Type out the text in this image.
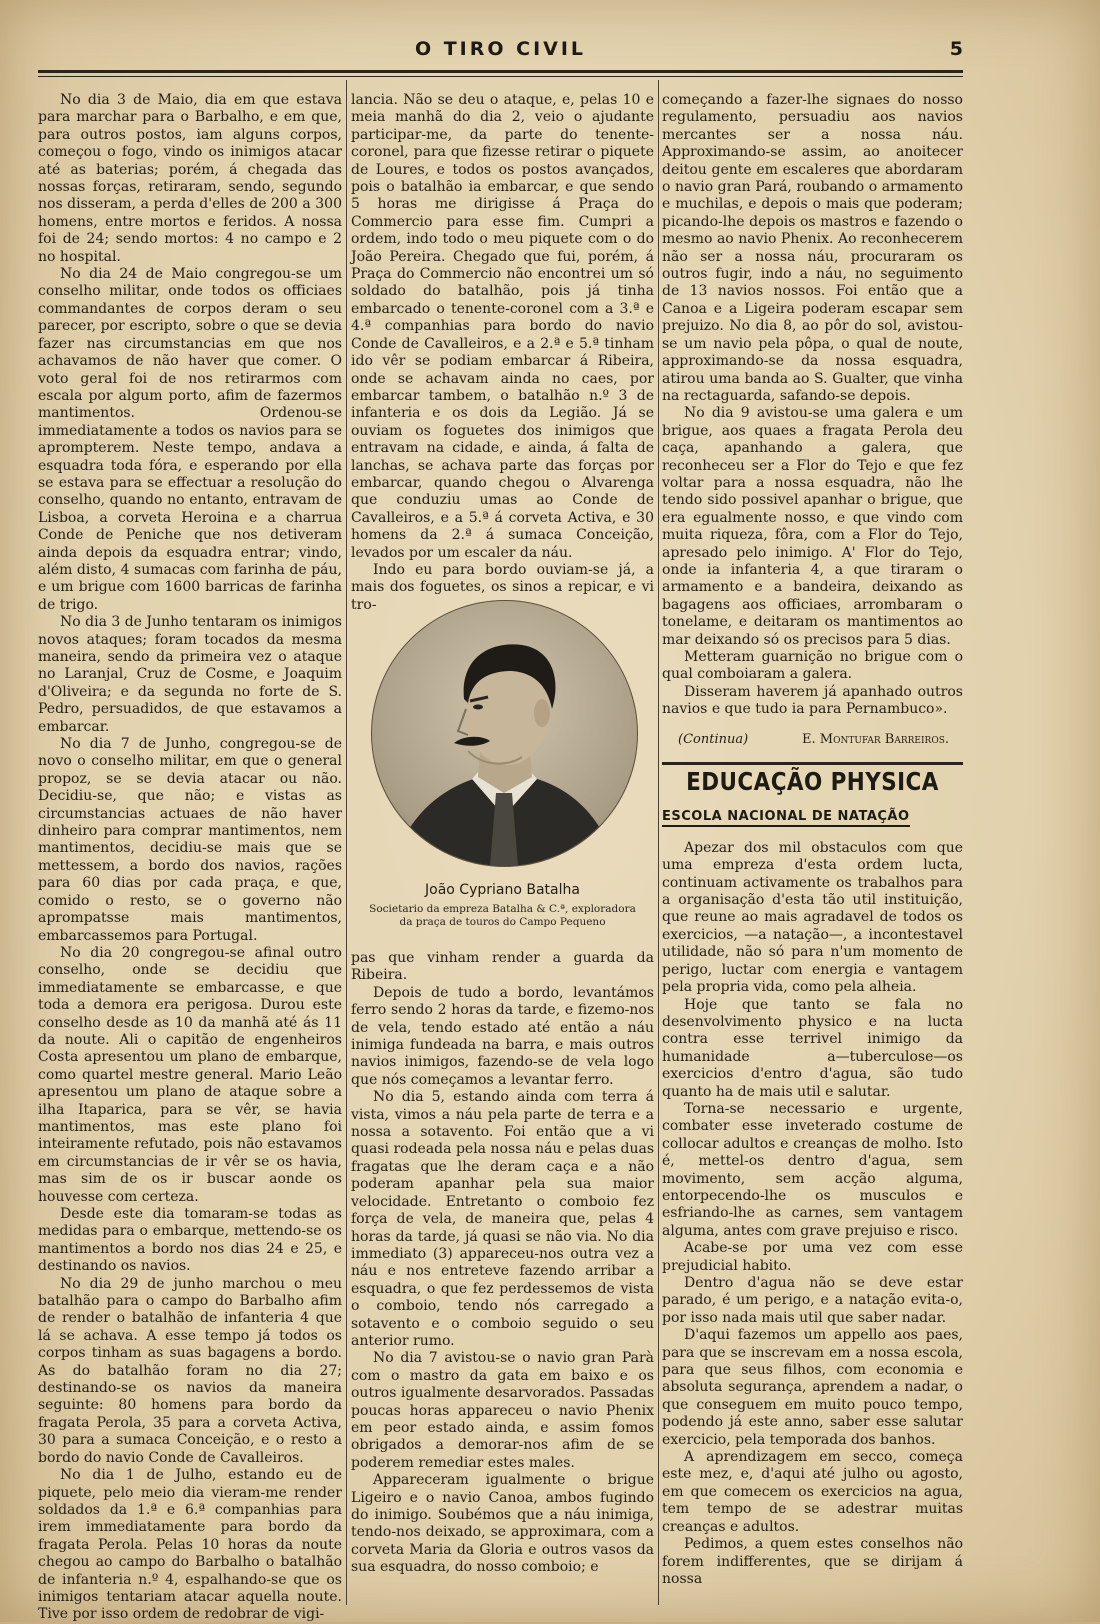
O TIRO CIVIL	5

No dia 3 de Maio, dia em que estava para marchar para o Barbalho, e em que, para outros postos, iam alguns corpos, começou o fogo, vindo os inimigos atacar até as baterias; porém, á chegada das nossas forças, retiraram, sendo, segundo nos disseram, a perda d'elles de 200 a 300 homens, entre mortos e feridos. A nossa foi de 24; sendo mortos: 4 no campo e 2 no hospital.

No dia 24 de Maio congregou-se um conselho militar, onde todos os officiaes commandantes de corpos deram o seu parecer, por escripto, sobre o que se devia fazer nas circumstancias em que nos achavamos de não haver que comer. O voto geral foi de nos retirarmos com escala por algum porto, afim de fazermos mantimentos. Ordenou-se immediatamente a todos os navios para se aprompterem. Neste tempo, andava a esquadra toda fóra, e esperando por ella se estava para se effectuar a resolução do conselho, quando no entanto, entravam de Lisboa, a corveta Heroina e a charrua Conde de Peniche que nos detiveram ainda depois da esquadra entrar; vindo, além disto, 4 sumacas com farinha de páu, e um brigue com 1600 barricas de farinha de trigo.

No dia 3 de Junho tentaram os inimigos novos ataques; foram tocados da mesma maneira, sendo da primeira vez o ataque no Laranjal, Cruz de Cosme, e Joaquim d'Oliveira; e da segunda no forte de S. Pedro, persuadidos, de que estavamos a embarcar.

No dia 7 de Junho, congregou-se de novo o conselho militar, em que o general propoz, se se devia atacar ou não. Decidiu-se, que não; e vistas as circumstancias actuaes de não haver dinheiro para comprar mantimentos, nem mantimentos, decidiu-se mais que se mettessem, a bordo dos navios, rações para 60 dias por cada praça, e que, comido o resto, se o governo não aprompatsse mais mantimentos, embarcassemos para Portugal.

No dia 20 congregou-se afinal outro conselho, onde se decidiu que immediatamente se embarcasse, e que toda a demora era perigosa. Durou este conselho desde as 10 da manhã até ás 11 da noute. Ali o capitão de engenheiros Costa apresentou um plano de embarque, como quartel mestre general. Mario Leão apresentou um plano de ataque sobre a ilha Itaparica, para se vêr, se havia mantimentos, mas este plano foi inteiramente refutado, pois não estavamos em circumstancias de ir vêr se os havia, mas sim de os ir buscar aonde os houvesse com certeza.

Desde este dia tomaram-se todas as medidas para o embarque, mettendo-se os mantimentos a bordo nos dias 24 e 25, e destinando os navios.

No dia 29 de junho marchou o meu batalhão para o campo do Barbalho afim de render o batalhão de infanteria 4 que lá se achava. A esse tempo já todos os corpos tinham as suas bagagens a bordo. As do batalhão foram no dia 27; destinando-se os navios da maneira seguinte: 80 homens para bordo da fragata Perola, 35 para a corveta Activa, 30 para a sumaca Conceição, e o resto a bordo do navio Conde de Cavalleiros.

No dia 1 de Julho, estando eu de piquete, pelo meio dia vieram-me render soldados da 1.ª e 6.ª companhias para irem immediatamente para bordo da fragata Perola. Pelas 10 horas da noute chegou ao campo do Barbalho o batalhão de infanteria n.º 4, espalhando-se que os inimigos tentariam atacar aquella noute. Tive por isso ordem de redobrar de vigi-

lancia. Não se deu o ataque, e, pelas 10 e meia manhã do dia 2, veio o ajudante participar-me, da parte do tenente-coronel, para que fizesse retirar o piquete de Loures, e todos os postos avançados, pois o batalhão ia embarcar, e que sendo 5 horas me dirigisse á Praça do Commercio para esse fim. Cumpri a ordem, indo todo o meu piquete com o do João Pereira. Chegado que fui, porém, á Praça do Commercio não encontrei um só soldado do batalhão, pois já tinha embarcado o tenente-coronel com a 3.ª e 4.ª companhias para bordo do navio Conde de Cavalleiros, e a 2.ª e 5.ª tinham ido vêr se podiam embarcar á Ribeira, onde se achavam ainda no caes, por embarcar tambem, o batalhão n.º 3 de infanteria e os dois da Legião. Já se ouviam os foguetes dos inimigos que entravam na cidade, e ainda, á falta de lanchas, se achava parte das forças por embarcar, quando chegou o Alvarenga que conduziu umas ao Conde de Cavalleiros, e a 5.ª á corveta Activa, e 30 homens da 2.ª á sumaca Conceição, levados por um escaler da náu.

Indo eu para bordo ouviam-se já, a mais dos foguetes, os sinos a repicar, e vi tro-

João Cypriano Batalha
Societario da empreza Batalha & C.ª, exploradora
da praça de touros do Campo Pequeno

pas que vinham render a guarda da Ribeira.

Depois de tudo a bordo, levantámos ferro sendo 2 horas da tarde, e fizemo-nos de vela, tendo estado até então a náu inimiga fundeada na barra, e mais outros navios inimigos, fazendo-se de vela logo que nós começamos a levantar ferro.

No dia 5, estando ainda com terra á vista, vimos a náu pela parte de terra e a nossa a sotavento. Foi então que a vi quasi rodeada pela nossa náu e pelas duas fragatas que lhe deram caça e a não poderam apanhar pela sua maior velocidade. Entretanto o comboio fez força de vela, de maneira que, pelas 4 horas da tarde, já quasi se não via. No dia immediato (3) appareceu-nos outra vez a náu e nos entreteve fazendo arribar a esquadra, o que fez perdessemos de vista o comboio, tendo nós carregado a sotavento e o comboio seguido o seu anterior rumo.

No dia 7 avistou-se o navio gran Parà com o mastro da gata em baixo e os outros igualmente desarvorados. Passadas poucas horas appareceu o navio Phenix em peor estado ainda, e assim fomos obrigados a demorar-nos afim de se poderem remediar estes males.

Appareceram igualmente o brigue Ligeiro e o navio Canoa, ambos fugindo do inimigo. Soubémos que a náu inimiga, tendo-nos deixado, se approximara, com a corveta Maria da Gloria e outros vasos da sua esquadra, do nosso comboio; e

começando a fazer-lhe signaes do nosso regulamento, persuadiu aos navios mercantes ser a nossa náu. Approximando-se assim, ao anoitecer deitou gente em escaleres que abordaram o navio gran Pará, roubando o armamento e muchilas, e depois o mais que poderam; picando-lhe depois os mastros e fazendo o mesmo ao navio Phenix. Ao reconhecerem não ser a nossa náu, procuraram os outros fugir, indo a náu, no seguimento de 13 navios nossos. Foi então que a Canoa e a Ligeira poderam escapar sem prejuizo. No dia 8, ao pôr do sol, avistou-se um navio pela pôpa, o qual de noute, approximando-se da nossa esquadra, atirou uma banda ao S. Gualter, que vinha na rectaguarda, safando-se depois.

No dia 9 avistou-se uma galera e um brigue, aos quaes a fragata Perola deu caça, apanhando a galera, que reconheceu ser a Flor do Tejo e que fez voltar para a nossa esquadra, não lhe tendo sido possivel apanhar o brigue, que era egualmente nosso, e que vindo com muita riqueza, fôra, com a Flor do Tejo, apresado pelo inimigo. A' Flor do Tejo, onde ia infanteria 4, a que tiraram o armamento e a bandeira, deixando as bagagens aos officiaes, arrombaram o tonelame, e deitaram os mantimentos ao mar deixando só os precisos para 5 dias.

Metteram guarnição no brigue com o qual comboiaram a galera.

Disseram haverem já apanhado outros navios e que tudo ia para Pernambuco».

(Continua)	E. Montufar Barreiros.
EDUCAÇÃO PHYSICA
ESCOLA NACIONAL DE NATAÇÃO

Apezar dos mil obstaculos com que uma empreza d'esta ordem lucta, continuam activamente os trabalhos para a organisação d'esta tão util instituição, que reune ao mais agradavel de todos os exercicios, —a natação—, a incontestavel utilidade, não só para n'um momento de perigo, luctar com energia e vantagem pela propria vida, como pela alheia.

Hoje que tanto se fala no desenvolvimento physico e na lucta contra esse terrivel inimigo da humanidade a—tuberculose—os exercicios d'entro d'agua, são tudo quanto ha de mais util e salutar.

Torna-se necessario e urgente, combater esse inveterado costume de collocar adultos e creanças de molho. Isto é, mettel-os dentro d'agua, sem movimento, sem acção alguma, entorpecendo-lhe os musculos e esfriando-lhe as carnes, sem vantagem alguma, antes com grave prejuiso e risco.

Acabe-se por uma vez com esse prejudicial habito.

Dentro d'agua não se deve estar parado, é um perigo, e a natação evita-o, por isso nada mais util que saber nadar.

D'aqui fazemos um appello aos paes, para que se inscrevam em a nossa escola, para que seus filhos, com economia e absoluta segurança, aprendem a nadar, o que conseguem em muito pouco tempo, podendo já este anno, saber esse salutar exercicio, pela temporada dos banhos.

A aprendizagem em secco, começa este mez, e, d'aqui até julho ou agosto, em que comecem os exercicios na agua, tem tempo de se adestrar muitas creanças e adultos.

Pedimos, a quem estes conselhos não forem indifferentes, que se dirijam á nossa
